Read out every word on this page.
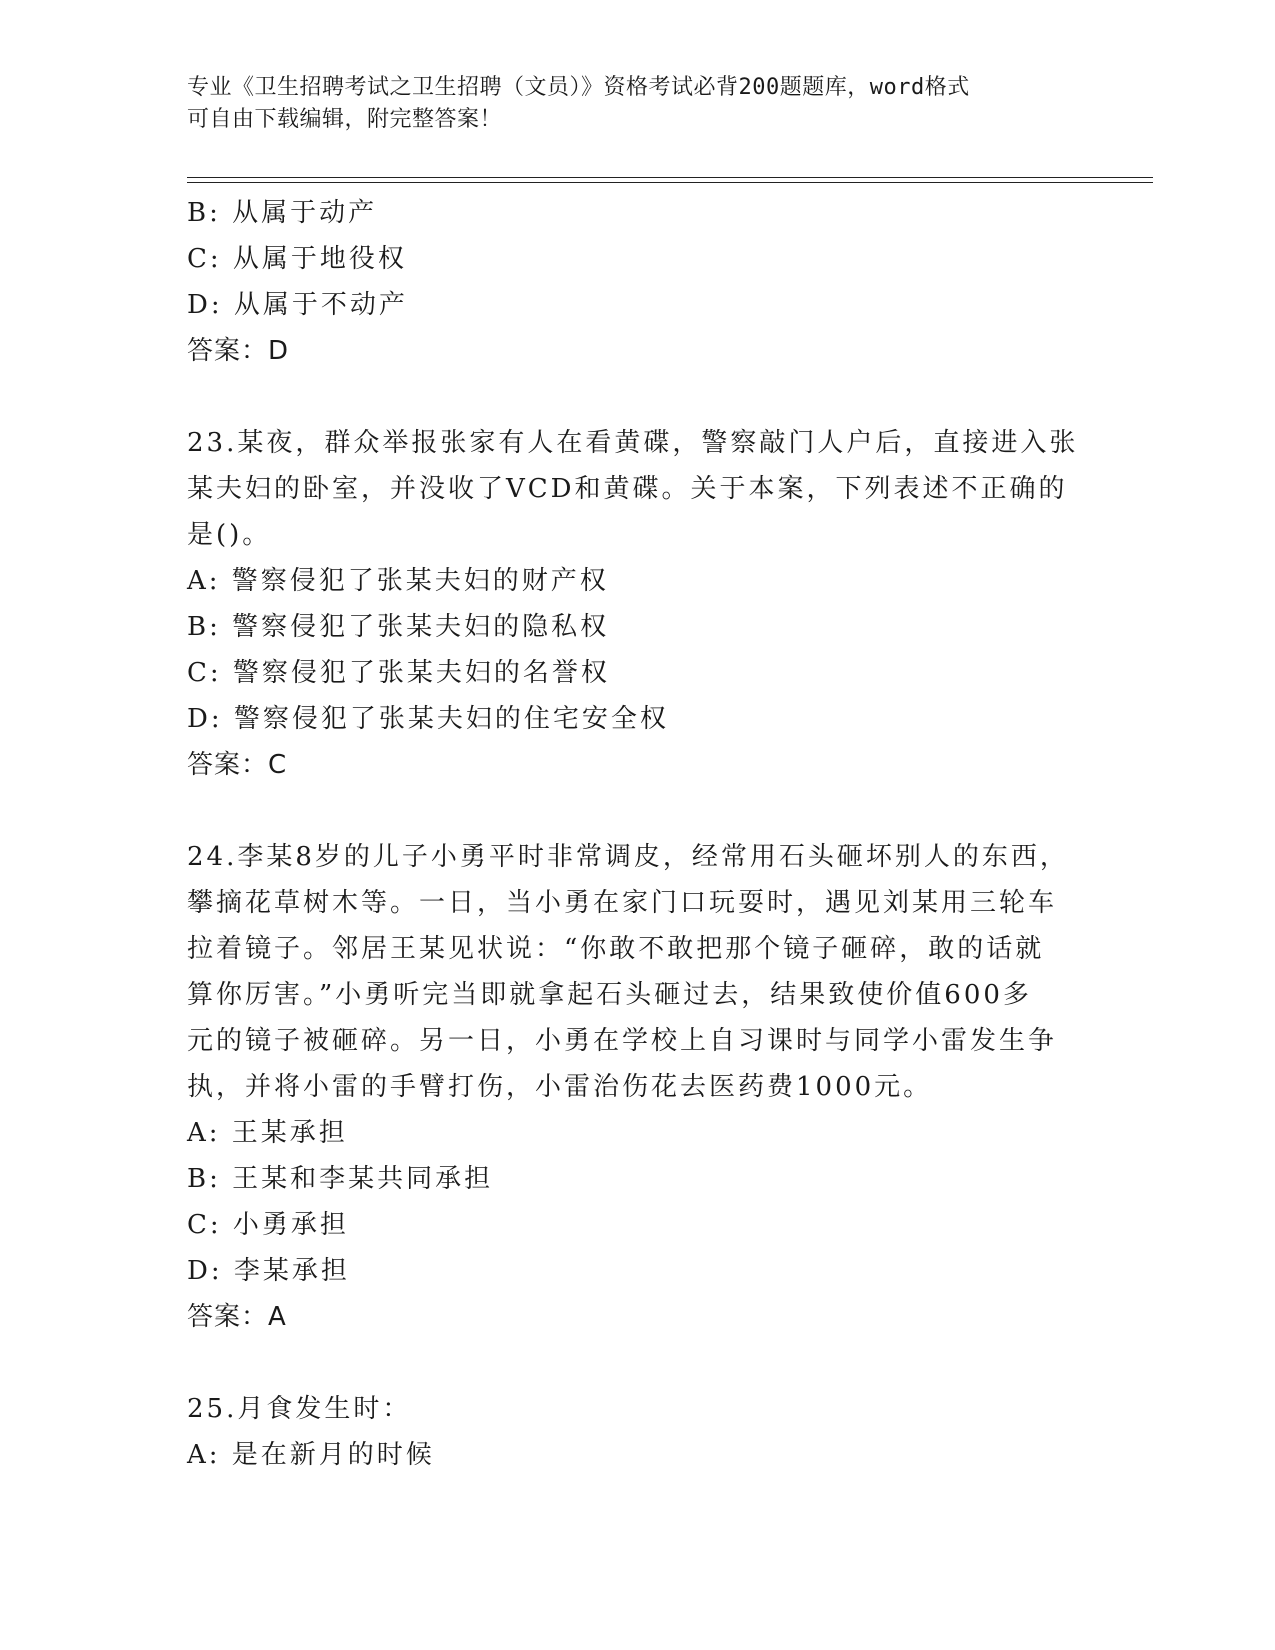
专业《卫生招聘考试之卫生招聘（文员）》资格考试必背200题题库，word格式
可自由下载编辑，附完整答案！
B: 从属于动产
C: 从属于地役权
D: 从属于不动产
答案：D
23.某夜，群众举报张家有人在看黄碟，警察敲门人户后，直接进入张
某夫妇的卧室，并没收了VCD和黄碟。关于本案，下列表述不正确的
是()。
A: 警察侵犯了张某夫妇的财产权
B: 警察侵犯了张某夫妇的隐私权
C: 警察侵犯了张某夫妇的名誉权
D: 警察侵犯了张某夫妇的住宅安全权
答案：C
24.李某8岁的儿子小勇平时非常调皮，经常用石头砸坏别人的东西，
攀摘花草树木等。一日，当小勇在家门口玩耍时，遇见刘某用三轮车
拉着镜子。邻居王某见状说：“你敢不敢把那个镜子砸碎，敢的话就
算你厉害。”小勇听完当即就拿起石头砸过去，结果致使价值600多
元的镜子被砸碎。另一日，小勇在学校上自习课时与同学小雷发生争
执，并将小雷的手臂打伤，小雷治伤花去医药费1000元。
A: 王某承担
B: 王某和李某共同承担
C: 小勇承担
D: 李某承担
答案：A
25.月食发生时：
A: 是在新月的时候
